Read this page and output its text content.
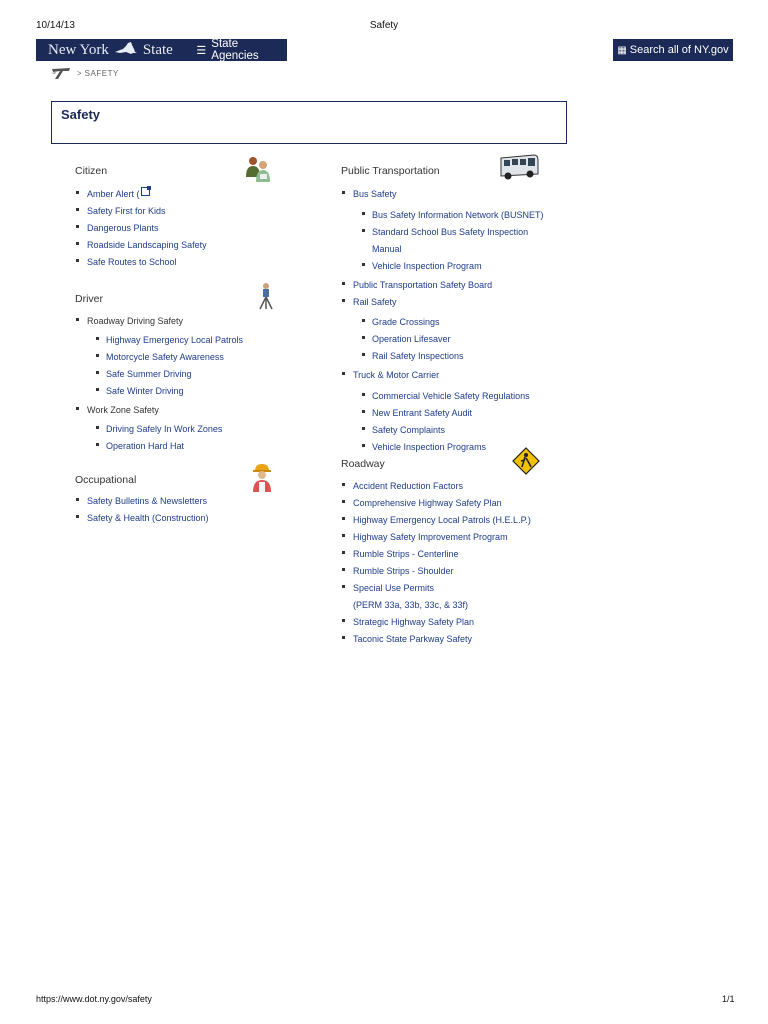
10/14/13	Safety
New York State ☰
State Agencies	▦ Search all of NY.gov
> SAFETY
Safety
Citizen
Amber Alert (
Safety First for Kids
Dangerous Plants
Roadside Landscaping Safety
Safe Routes to School
Driver
Roadway Driving Safety
Highway Emergency Local Patrols
Motorcycle Safety Awareness
Safe Summer Driving
Safe Winter Driving
Work Zone Safety
Driving Safely In Work Zones
Operation Hard Hat
Occupational
Safety Bulletins & Newsletters
Safety & Health (Construction)
Public Transportation
Bus Safety
Bus Safety Information Network (BUSNET)
Standard School Bus Safety Inspection
Manual
Vehicle Inspection Program
Public Transportation Safety Board
Rail Safety
Grade Crossings
Operation Lifesaver
Rail Safety Inspections
Truck & Motor Carrier
Commercial Vehicle Safety Regulations
New Entrant Safety Audit
Safety Complaints
Vehicle Inspection Programs
Roadway
Accident Reduction Factors
Comprehensive Highway Safety Plan
Highway Emergency Local Patrols (H.E.L.P.)
Highway Safety Improvement Program
Rumble Strips - Centerline
Rumble Strips - Shoulder
Special Use Permits
(PERM 33a, 33b, 33c, & 33f)
Strategic Highway Safety Plan
Taconic State Parkway Safety
https://www.dot.ny.gov/safety	1/1
